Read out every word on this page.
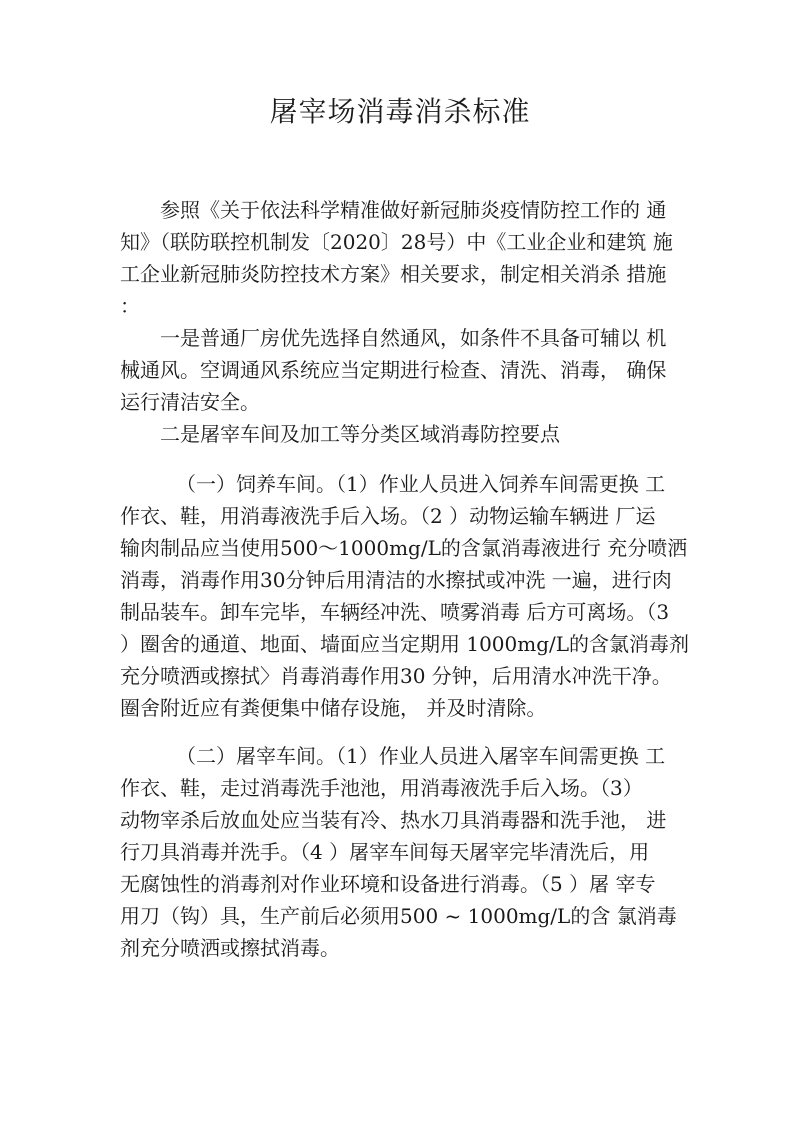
屠宰场消毒消杀标准
参照《关于依法科学精准做好新冠肺炎疫情防控工作的 通
知》（联防联控机制发〔2020〕28号）中《工业企业和建筑 施
工企业新冠肺炎防控技术方案》相关要求，制定相关消杀 措施
：
一是普通厂房优先选择自然通风，如条件不具备可辅以 机
械通风。空调通风系统应当定期进行检查、清洗、消毒， 确保
运行清洁安全。
二是屠宰车间及加工等分类区域消毒防控要点
（一）饲养车间。（1）作业人员进入饲养车间需更换 工
作衣、鞋，用消毒液洗手后入场。（2 ）动物运输车辆进 厂运
输肉制品应当使用500〜1000mg/L的含氯消毒液进行 充分喷洒
消毒，消毒作用30分钟后用清洁的水擦拭或冲洗 一遍，进行肉
制品装车。卸车完毕，车辆经冲洗、喷雾消毒 后方可离场。（3
）圈舍的通道、地面、墙面应当定期用 1000mg/L的含氯消毒剂
充分喷洒或擦拭〉肖毒消毒作用30 分钟，后用清水冲洗干净。
圈舍附近应有粪便集中储存设施， 并及时清除。
（二）屠宰车间。（1）作业人员进入屠宰车间需更换 工
作衣、鞋，走过消毒洗手池池，用消毒液洗手后入场。（3）
动物宰杀后放血处应当装有冷、热水刀具消毒器和洗手池， 进
行刀具消毒并洗手。（4 ）屠宰车间每天屠宰完毕清洗后，用
无腐蚀性的消毒剂对作业环境和设备进行消毒。（5 ）屠 宰专
用刀（钩）具，生产前后必须用500 ~ 1000mg/L的含 氯消毒
剂充分喷洒或擦拭消毒。
